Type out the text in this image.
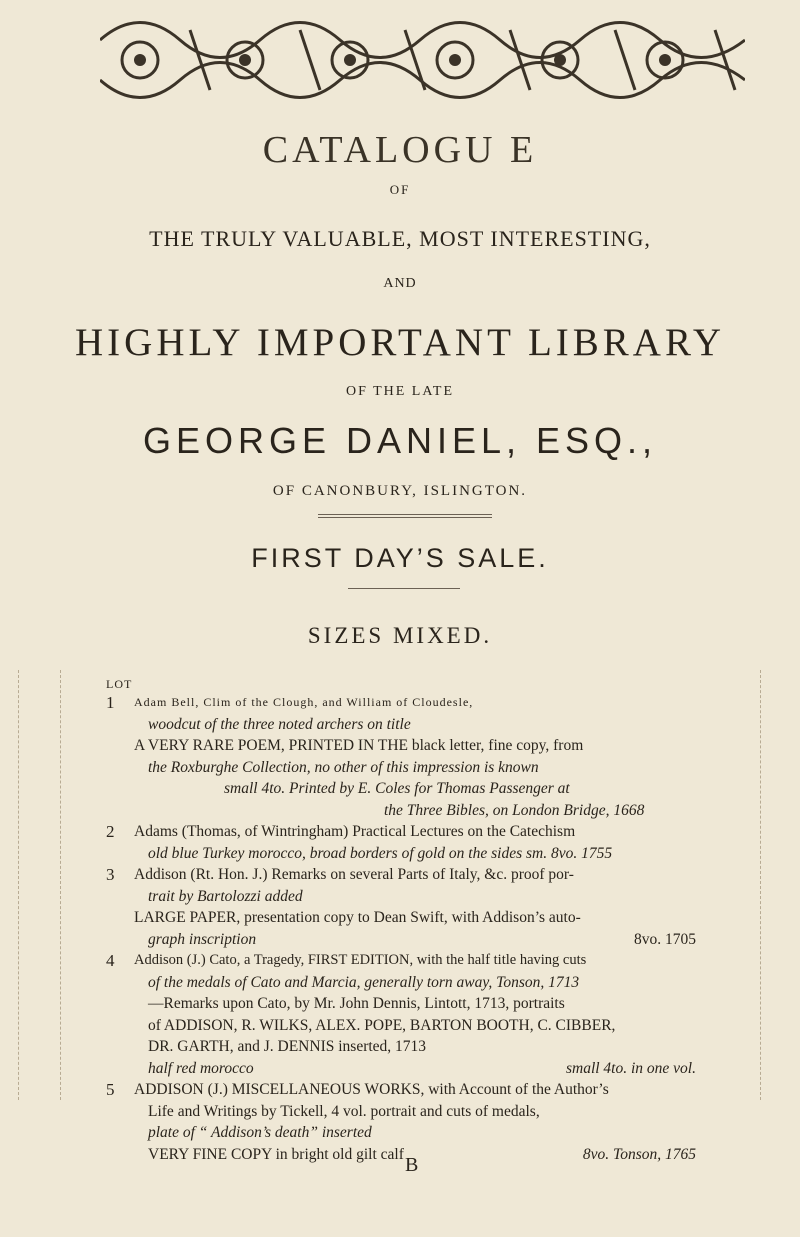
CATALOGU E
OF
THE TRULY VALUABLE, MOST INTERESTING,
AND
HIGHLY IMPORTANT LIBRARY
OF THE LATE
GEORGE DANIEL, ESQ.,
OF CANONBURY, ISLINGTON.
FIRST DAY’S SALE.
SIZES MIXED.
LOT
1	Adam Bell, Clim of the Clough, and William of Cloudesle,
woodcut of the three noted archers on title
A VERY RARE POEM, PRINTED IN THE black letter, fine copy, from
the Roxburghe Collection, no other of this impression is known
small 4to. Printed by E. Coles for Thomas Passenger at
the Three Bibles, on London Bridge, 1668
2	Adams (Thomas, of Wintringham) Practical Lectures on the Catechism
old blue Turkey morocco, broad borders of gold on the sides sm. 8vo. 1755
3	Addison (Rt. Hon. J.) Remarks on several Parts of Italy, &c. proof por-
trait by Bartolozzi added
LARGE PAPER, presentation copy to Dean Swift, with Addison’s auto-
graph inscription	8vo. 1705
4	Addison (J.) Cato, a Tragedy, FIRST EDITION, with the half title having cuts
of the medals of Cato and Marcia, generally torn away, Tonson, 1713
—Remarks upon Cato, by Mr. John Dennis, Lintott, 1713, portraits
of ADDISON, R. WILKS, ALEX. POPE, BARTON BOOTH, C. CIBBER,
DR. GARTH, and J. DENNIS inserted, 1713
half red morocco	small 4to. in one vol.
5	ADDISON (J.) MISCELLANEOUS WORKS, with Account of the Author’s
Life and Writings by Tickell, 4 vol. portrait and cuts of medals,
plate of “ Addison’s death” inserted
VERY FINE COPY in bright old gilt calf	8vo. Tonson, 1765
B
